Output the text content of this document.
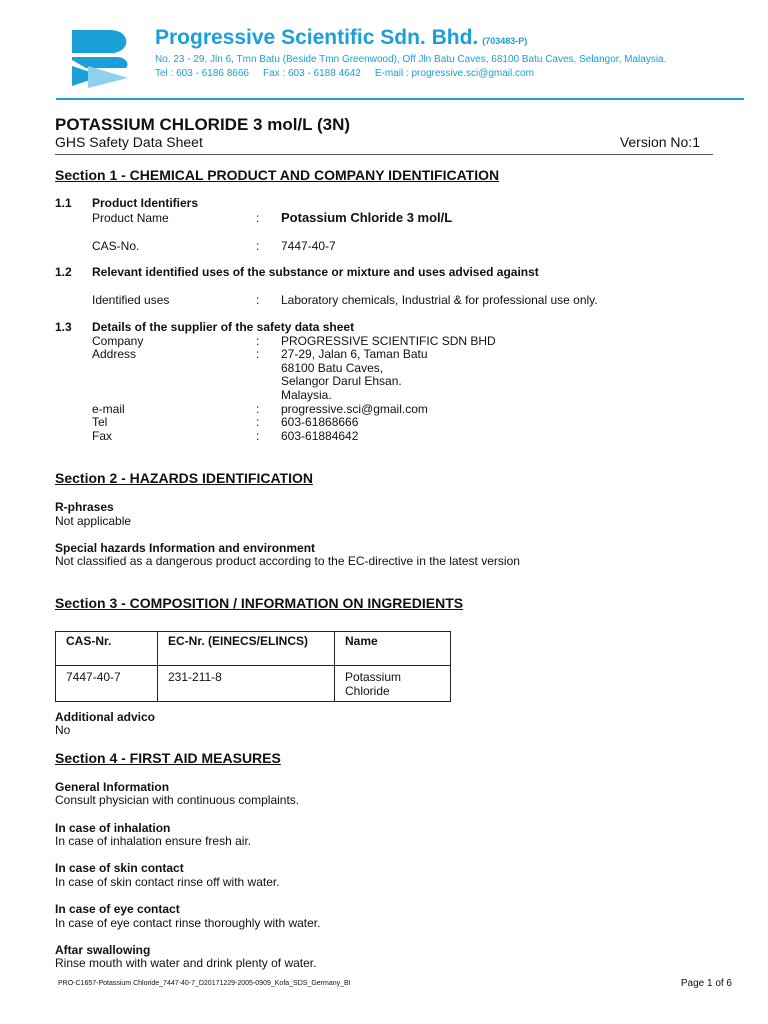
Progressive Scientific Sdn. Bhd. (703483-P)
No. 23 - 29, Jln 6, Tmn Batu (Beside Tmn Greenwood), Off Jln Batu Caves, 68100 Batu Caves, Selangor, Malaysia.
Tel : 603 - 6186 8666 Fax : 603 - 6188 4642 E-mail : progressive.sci@gmail.com
POTASSIUM CHLORIDE 3 mol/L (3N)
GHS Safety Data Sheet	Version No:1
Section 1 - CHEMICAL PRODUCT AND COMPANY IDENTIFICATION
1.1 Product Identifiers
Product Name	: Potassium Chloride 3 mol/L
CAS-No.	: 7447-40-7
1.2 Relevant identified uses of the substance or mixture and uses advised against
Identified uses	: Laboratory chemicals, Industrial & for professional use only.
1.3 Details of the supplier of the safety data sheet
Company	: PROGRESSIVE SCIENTIFIC SDN BHD
Address	: 27-29, Jalan 6, Taman Batu
68100 Batu Caves,
Selangor Darul Ehsan.
Malaysia.
e-mail	: progressive.sci@gmail.com
Tel	: 603-61868666
Fax	: 603-61884642
Section 2 - HAZARDS IDENTIFICATION
R-phrases
Not applicable
Special hazards Information and environment
Not classified as a dangerous product according to the EC-directive in the latest version
Section 3 - COMPOSITION / INFORMATION ON INGREDIENTS
CAS-Nr.	EC-Nr. (EINECS/ELINCS)	Name
7447-40-7	231-211-8	Potassium
Chloride
Additional advico
No
Section 4 - FIRST AID MEASURES
General Information
Consult physician with continuous complaints.
In case of inhalation
In case of inhalation ensure fresh air.
In case of skin contact
In case of skin contact rinse off with water.
In case of eye contact
In case of eye contact rinse thoroughly with water.
Aftar swallowing
Rinse mouth with water and drink plenty of water.
PRO-C1657-Potassium Chloride_7447-40-7_D20171229-2005-0909_Kofa_SDS_Germany_BI	Page 1 of 6
